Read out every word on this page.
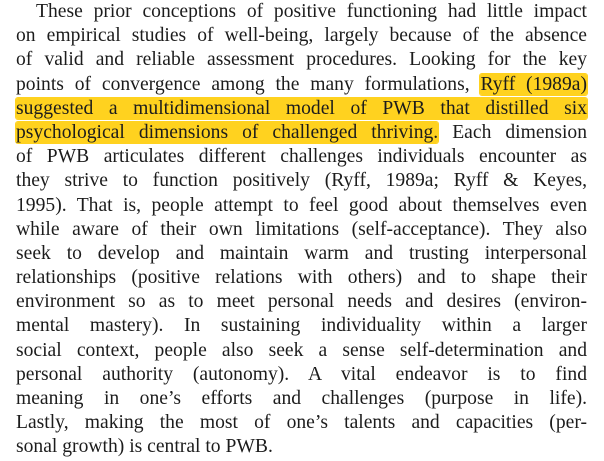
These prior conceptions of positive functioning had little impact
on empirical studies of well-being, largely because of the absence
of valid and reliable assessment procedures. Looking for the key
points of convergence among the many formulations, Ryff (1989a)
suggested a multidimensional model of PWB that distilled six
psychological dimensions of challenged thriving. Each dimension
of PWB articulates different challenges individuals encounter as
they strive to function positively (Ryff, 1989a; Ryff & Keyes,
1995). That is, people attempt to feel good about themselves even
while aware of their own limitations (self-acceptance). They also
seek to develop and maintain warm and trusting interpersonal
relationships (positive relations with others) and to shape their
environment so as to meet personal needs and desires (environ-
mental mastery). In sustaining individuality within a larger
social context, people also seek a sense self-determination and
personal authority (autonomy). A vital endeavor is to find
meaning in one’s efforts and challenges (purpose in life).
Lastly, making the most of one’s talents and capacities (per-
sonal growth) is central to PWB.
